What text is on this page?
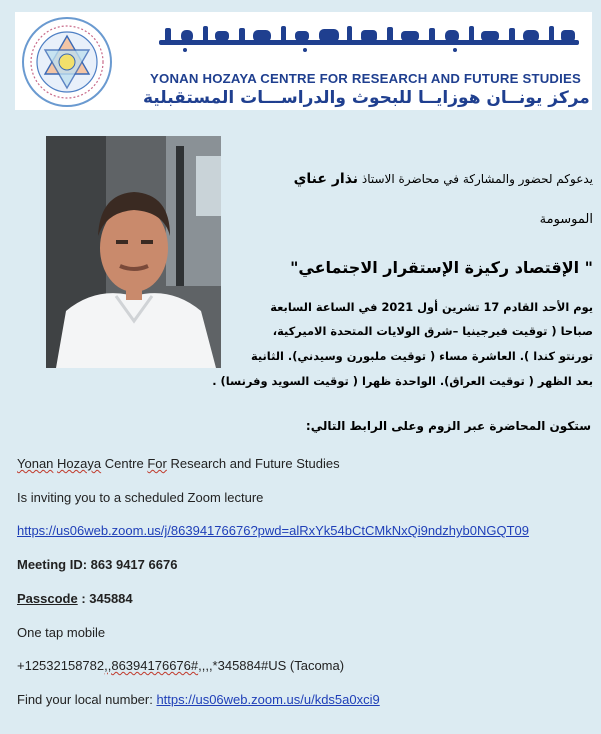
YONAN HOZAYA CENTRE FOR RESEARCH AND FUTURE STUDIES
مركز يونــان هوزايــا للبحوث والدراســـات المستقبلية
يدعوكم لحضور والمشاركة في محاضرة الاستاذ نذار عناي
الموسومة
" الإقتصاد ركيزة الإستقرار الاجتماعي"
يوم الأحد القادم 17 تشرين أول 2021 في الساعة السابعة
صباحا ( توقيت فيرجينيا –شرق الولايات المتحدة الاميركية،
تورنتو كندا ). العاشرة مساء ( توقيت ملبورن وسيدني). الثانية
بعد الظهر ( توقيت العراق). الواحدة ظهرا ( توقيت السويد وفرنسا) .
ستكون المحاضرة عبر الزوم وعلى الرابط التالي:
Yonan Hozaya Centre For Research and Future Studies
Is inviting you to a scheduled Zoom lecture
https://us06web.zoom.us/j/86394176676?pwd=alRxYk54bCtCMkNxQi9ndzhyb0NGQT09
Meeting ID: 863 9417 6676
Passcode : 345884
One tap mobile
+12532158782,,86394176676#,,,,*345884#US (Tacoma)
Find your local number: https://us06web.zoom.us/u/kds5a0xci9
